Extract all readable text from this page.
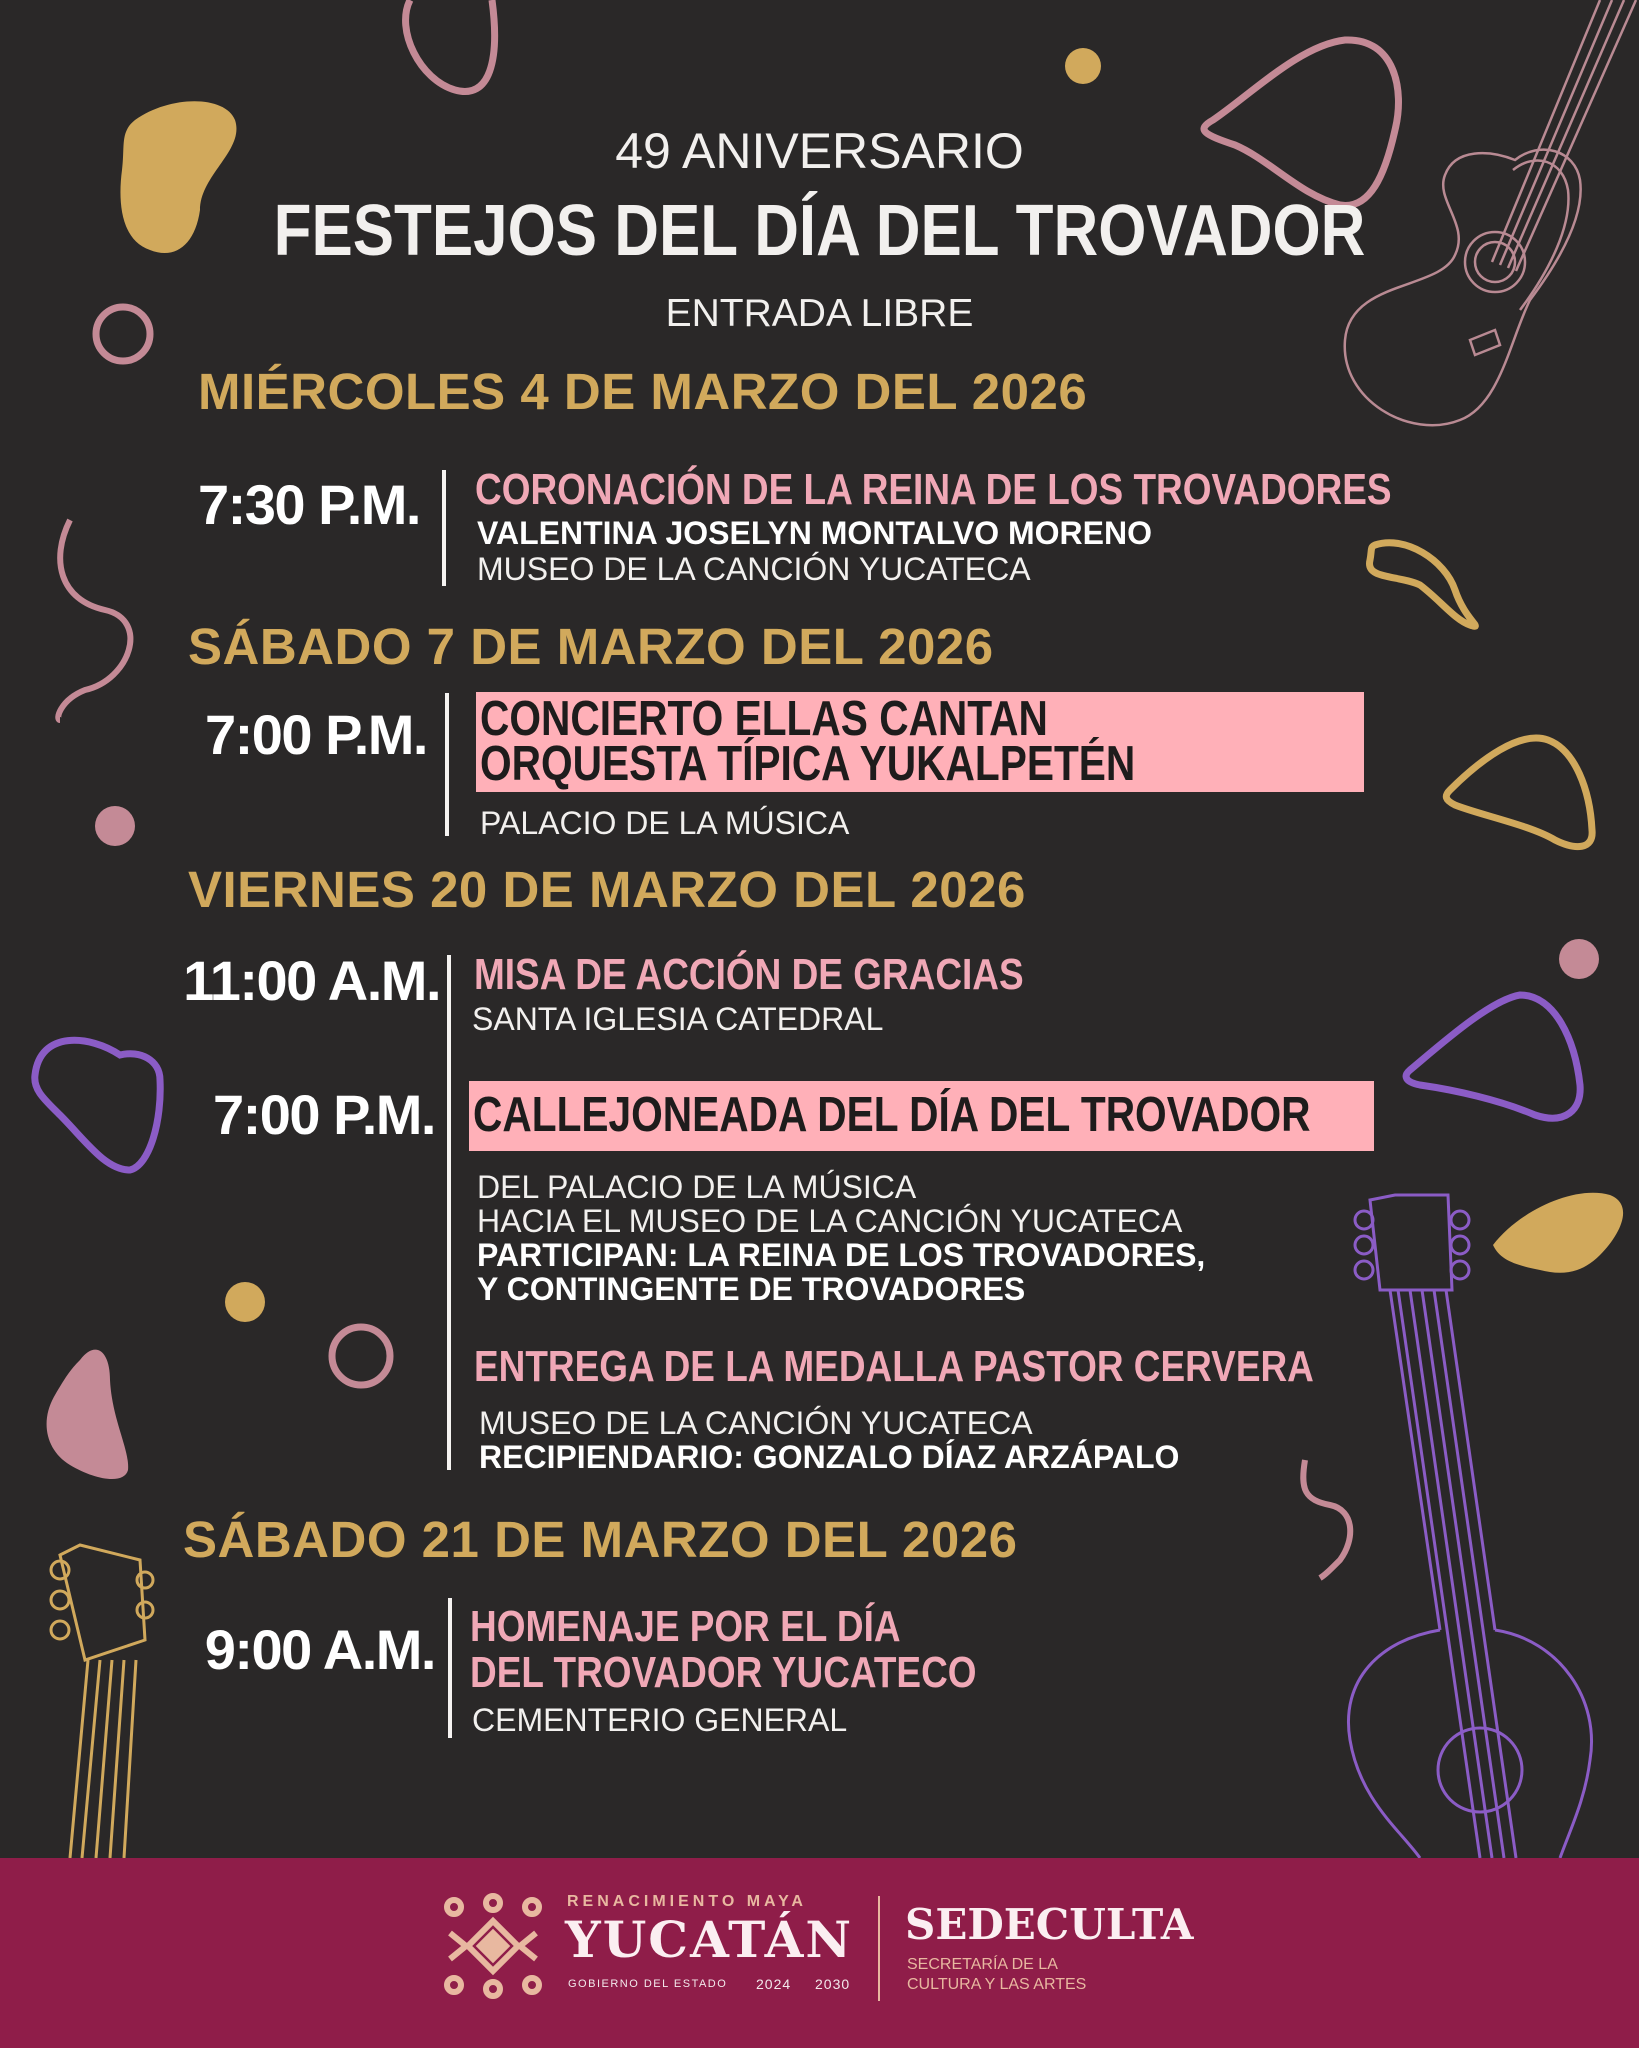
49 ANIVERSARIO
FESTEJOS DEL DÍA DEL TROVADOR
ENTRADA LIBRE
MIÉRCOLES 4 DE MARZO DEL 2026
7:30 P.M. CORONACIÓN DE LA REINA DE LOS TROVADORES
VALENTINA JOSELYN MONTALVO MORENO
MUSEO DE LA CANCIÓN YUCATECA
SÁBADO 7 DE MARZO DEL 2026
7:00 P.M. CONCIERTO ELLAS CANTAN
ORQUESTA TÍPICA YUKALPETÉN
PALACIO DE LA MÚSICA
VIERNES 20 DE MARZO DEL 2026
11:00 A.M. MISA DE ACCIÓN DE GRACIAS
SANTA IGLESIA CATEDRAL
7:00 P.M. CALLEJONEADA DEL DÍA DEL TROVADOR
DEL PALACIO DE LA MÚSICA
HACIA EL MUSEO DE LA CANCIÓN YUCATECA
PARTICIPAN: LA REINA DE LOS TROVADORES,
Y CONTINGENTE DE TROVADORES
ENTREGA DE LA MEDALLA PASTOR CERVERA
MUSEO DE LA CANCIÓN YUCATECA
RECIPIENDARIO: GONZALO DÍAZ ARZÁPALO
SÁBADO 21 DE MARZO DEL 2026
9:00 A.M. HOMENAJE POR EL DÍA
DEL TROVADOR YUCATECO
CEMENTERIO GENERAL
RENACIMIENTO MAYA
YUCATÁN
GOBIERNO DEL ESTADO 2024 2030
SEDECULTA
SECRETARÍA DE LA
CULTURA Y LAS ARTES
